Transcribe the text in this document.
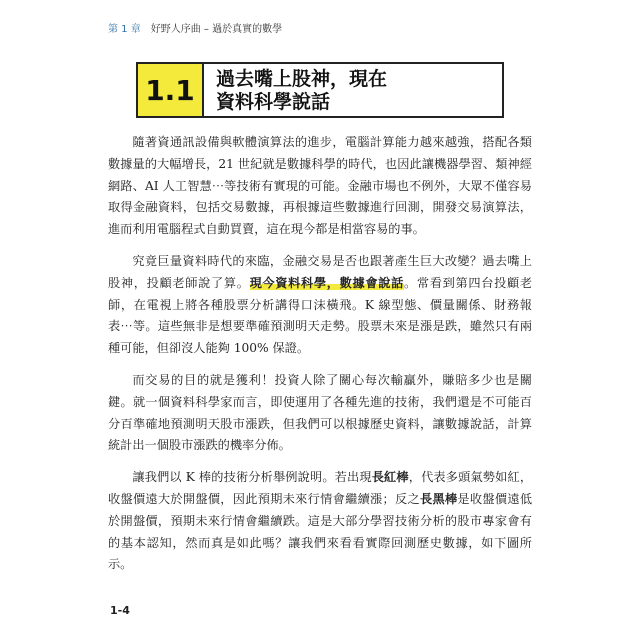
第 1 章 好野人序曲 – 過於真實的數學
1.1	過去嘴上股神，現在
資料科學說話

隨著資通訊設備與軟體演算法的進步，電腦計算能力越來越強，搭配各類數據量的大幅增長，21 世紀就是數據科學的時代，也因此讓機器學習、類神經網路、AI 人工智慧⋯等技術有實現的可能。金融市場也不例外，大眾不僅容易取得金融資料，包括交易數據，再根據這些數據進行回測，開發交易演算法，進而利用電腦程式自動買賣，這在現今都是相當容易的事。

究竟巨量資料時代的來臨，金融交易是否也跟著產生巨大改變？過去嘴上股神，投顧老師說了算。現今資料科學，數據會說話。常看到第四台投顧老師，在電視上將各種股票分析講得口沫橫飛。K 線型態、價量關係、財務報表⋯等。這些無非是想要準確預測明天走勢。股票未來是漲是跌，雖然只有兩種可能，但卻沒人能夠 100% 保證。

而交易的目的就是獲利！投資人除了關心每次輸贏外，賺賠多少也是關鍵。就一個資料科學家而言，即使運用了各種先進的技術，我們還是不可能百分百準確地預測明天股市漲跌，但我們可以根據歷史資料，讓數據說話，計算統計出一個股市漲跌的機率分佈。

讓我們以 K 棒的技術分析舉例說明。若出現長紅棒，代表多頭氣勢如紅，收盤價遠大於開盤價，因此預期未來行情會繼續漲；反之長黑棒是收盤價遠低於開盤價，預期未來行情會繼續跌。這是大部分學習技術分析的股市專家會有的基本認知，然而真是如此嗎？讓我們來看看實際回測歷史數據，如下圖所示。

1-4
